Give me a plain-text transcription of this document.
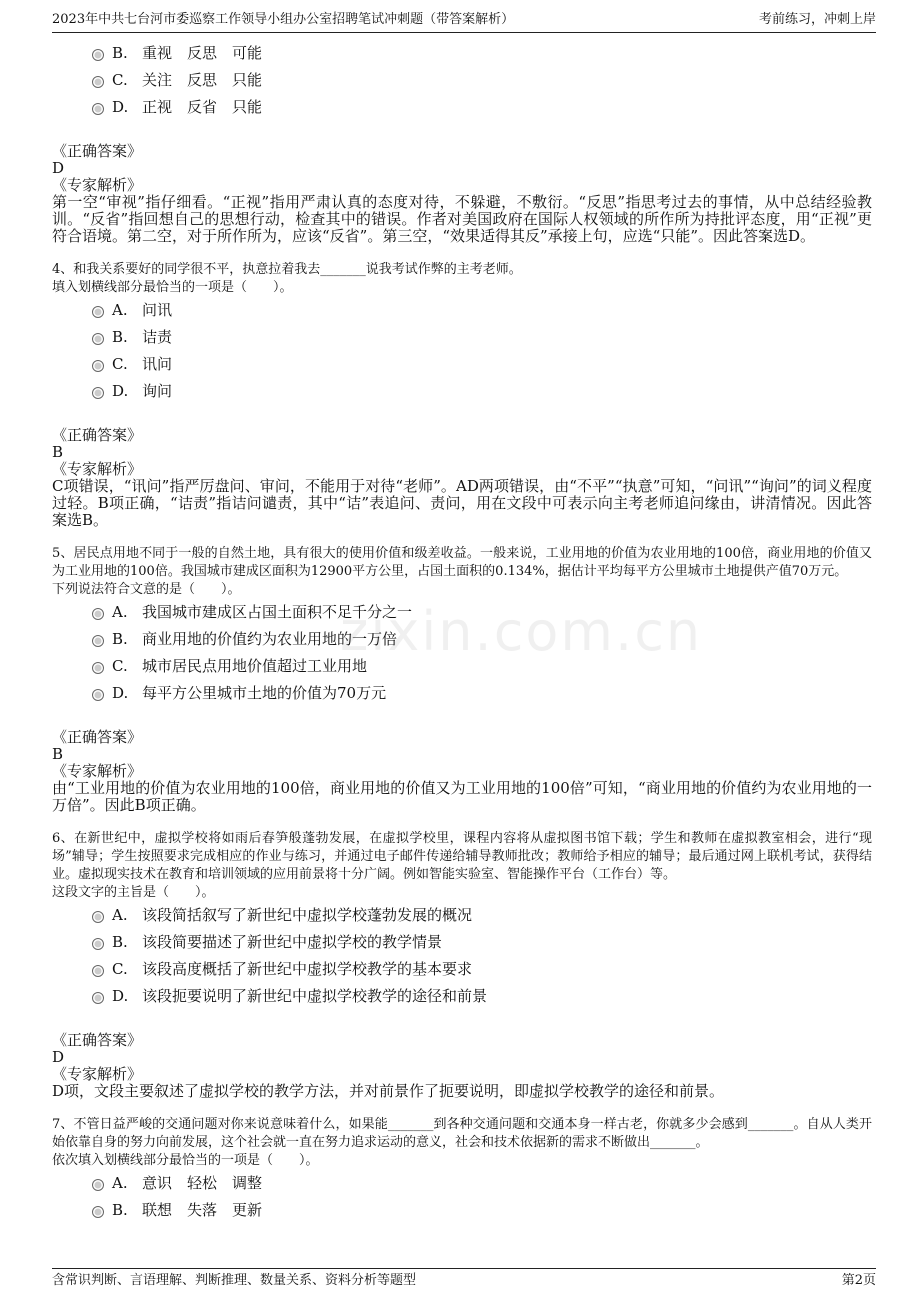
2023年中共七台河市委巡察工作领导小组办公室招聘笔试冲刺题（带答案解析）	考前练习，冲刺上岸
zixin.com.cn
B. 重视　反思　可能
C. 关注　反思　只能
D. 正视　反省　只能
《正确答案》
D
《专家解析》
第一空“审视”指仔细看。“正视”指用严肃认真的态度对待，不躲避，不敷衍。“反思”指思考过去的事情，从中总结经验教训。“反省”指回想自己的思想行动，检查其中的错误。作者对美国政府在国际人权领域的所作所为持批评态度，用“正视”更符合语境。第二空，对于所作所为，应该“反省”。第三空，“效果适得其反”承接上句，应选“只能”。因此答案选D。
4、和我关系要好的同学很不平，执意拉着我去_______说我考试作弊的主考老师。
填入划横线部分最恰当的一项是（　　）。
A. 问讯
B. 诘责
C. 讯问
D. 询问
《正确答案》
B
《专家解析》
C项错误，“讯问”指严厉盘问、审问，不能用于对待“老师”。AD两项错误，由“不平”“执意”可知，“问讯”“询问”的词义程度过轻。B项正确，“诘责”指诘问谴责，其中“诘”表追问、责问，用在文段中可表示向主考老师追问缘由，讲清情况。因此答案选B。
5、居民点用地不同于一般的自然土地，具有很大的使用价值和级差收益。一般来说，工业用地的价值为农业用地的100倍，商业用地的价值又为工业用地的100倍。我国城市建成区面积为12900平方公里，占国土面积的0.134%，据估计平均每平方公里城市土地提供产值70万元。
下列说法符合文意的是（　　）。
A. 我国城市建成区占国土面积不足千分之一
B. 商业用地的价值约为农业用地的一万倍
C. 城市居民点用地价值超过工业用地
D. 每平方公里城市土地的价值为70万元
《正确答案》
B
《专家解析》
由“工业用地的价值为农业用地的100倍，商业用地的价值又为工业用地的100倍”可知，“商业用地的价值约为农业用地的一万倍”。因此B项正确。
6、在新世纪中，虚拟学校将如雨后春笋般蓬勃发展，在虚拟学校里，课程内容将从虚拟图书馆下载；学生和教师在虚拟教室相会，进行“现场”辅导；学生按照要求完成相应的作业与练习，并通过电子邮件传递给辅导教师批改；教师给予相应的辅导；最后通过网上联机考试，获得结业。虚拟现实技术在教育和培训领域的应用前景将十分广阔。例如智能实验室、智能操作平台（工作台）等。
这段文字的主旨是（　　）。
A. 该段简括叙写了新世纪中虚拟学校蓬勃发展的概况
B. 该段简要描述了新世纪中虚拟学校的教学情景
C. 该段高度概括了新世纪中虚拟学校教学的基本要求
D. 该段扼要说明了新世纪中虚拟学校教学的途径和前景
《正确答案》
D
《专家解析》
D项，文段主要叙述了虚拟学校的教学方法，并对前景作了扼要说明，即虚拟学校教学的途径和前景。
7、不管日益严峻的交通问题对你来说意味着什么，如果能_______到各种交通问题和交通本身一样古老，你就多少会感到_______。自从人类开始依靠自身的努力向前发展，这个社会就一直在努力追求运动的意义，社会和技术依据新的需求不断做出_______。
依次填入划横线部分最恰当的一项是（　　）。
A. 意识　轻松　调整
B. 联想　失落　更新
含常识判断、言语理解、判断推理、数量关系、资料分析等题型	第2页
